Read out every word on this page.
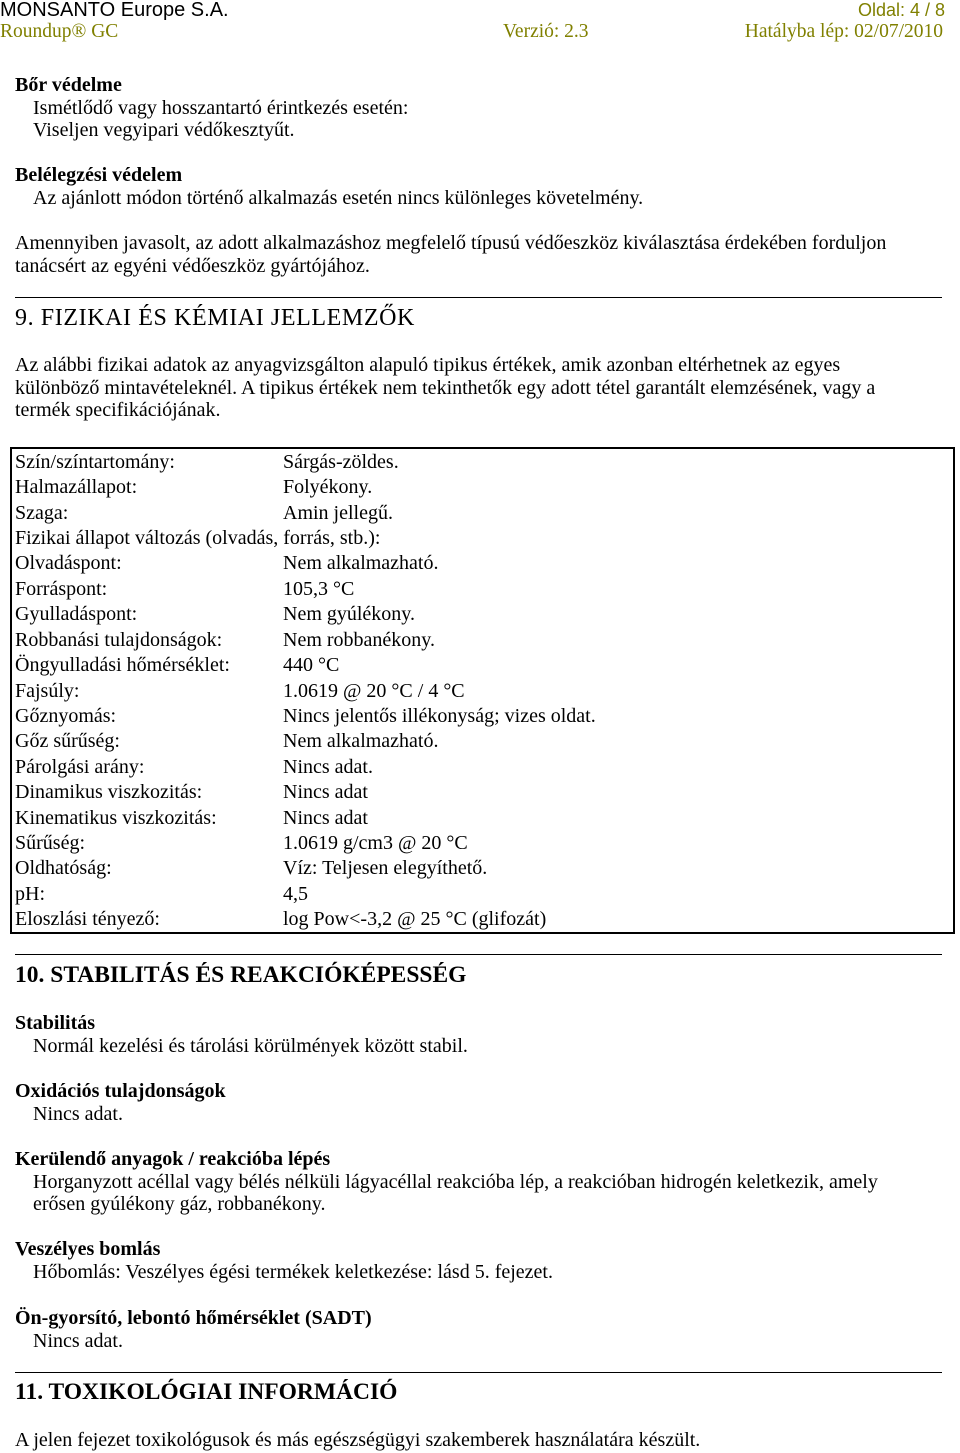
MONSANTO Europe S.A.	Oldal: 4 / 8
Roundup® GC	Verzió: 2.3	Hatályba lép: 02/07/2010
Bőr védelme
Ismétlődő vagy hosszantartó érintkezés esetén:
Viseljen vegyipari védőkesztyűt.
Belélegzési védelem
Az ajánlott módon történő alkalmazás esetén nincs különleges követelmény.
Amennyiben javasolt, az adott alkalmazáshoz megfelelő típusú védőeszköz kiválasztása érdekében forduljon
tanácsért az egyéni védőeszköz gyártójához.
9. FIZIKAI ÉS KÉMIAI JELLEMZŐK
Az alábbi fizikai adatok az anyagvizsgálton alapuló tipikus értékek, amik azonban eltérhetnek az egyes
különböző mintavételeknél. A tipikus értékek nem tekinthetők egy adott tétel garantált elemzésének, vagy a
termék specifikációjának.
Szín/színtartomány:	Sárgás-zöldes.
Halmazállapot:	Folyékony.
Szaga:	Amin jellegű.
Fizikai állapot változás (olvadás, forrás, stb.):
Olvadáspont:	Nem alkalmazható.
Forráspont:	105,3 °C
Gyulladáspont:	Nem gyúlékony.
Robbanási tulajdonságok:	Nem robbanékony.
Öngyulladási hőmérséklet:	440 °C
Fajsúly:	1.0619 @ 20 °C / 4 °C
Gőznyomás:	Nincs jelentős illékonyság; vizes oldat.
Gőz sűrűség:	Nem alkalmazható.
Párolgási arány:	Nincs adat.
Dinamikus viszkozitás:	Nincs adat
Kinematikus viszkozitás:	Nincs adat
Sűrűség:	1.0619 g/cm3 @ 20 °C
Oldhatóság:	Víz: Teljesen elegyíthető.
pH:	4,5
Eloszlási tényező:	log Pow<-3,2 @ 25 °C (glifozát)
10. STABILITÁS ÉS REAKCIÓKÉPESSÉG
Stabilitás
Normál kezelési és tárolási körülmények között stabil.
Oxidációs tulajdonságok
Nincs adat.
Kerülendő anyagok / reakcióba lépés
Horganyzott acéllal vagy bélés nélküli lágyacéllal reakcióba lép, a reakcióban hidrogén keletkezik, amely
erősen gyúlékony gáz, robbanékony.
Veszélyes bomlás
Hőbomlás: Veszélyes égési termékek keletkezése: lásd 5. fejezet.
Ön-gyorsító, lebontó hőmérséklet (SADT)
Nincs adat.
11. TOXIKOLÓGIAI INFORMÁCIÓ
A jelen fejezet toxikológusok és más egészségügyi szakemberek használatára készült.
